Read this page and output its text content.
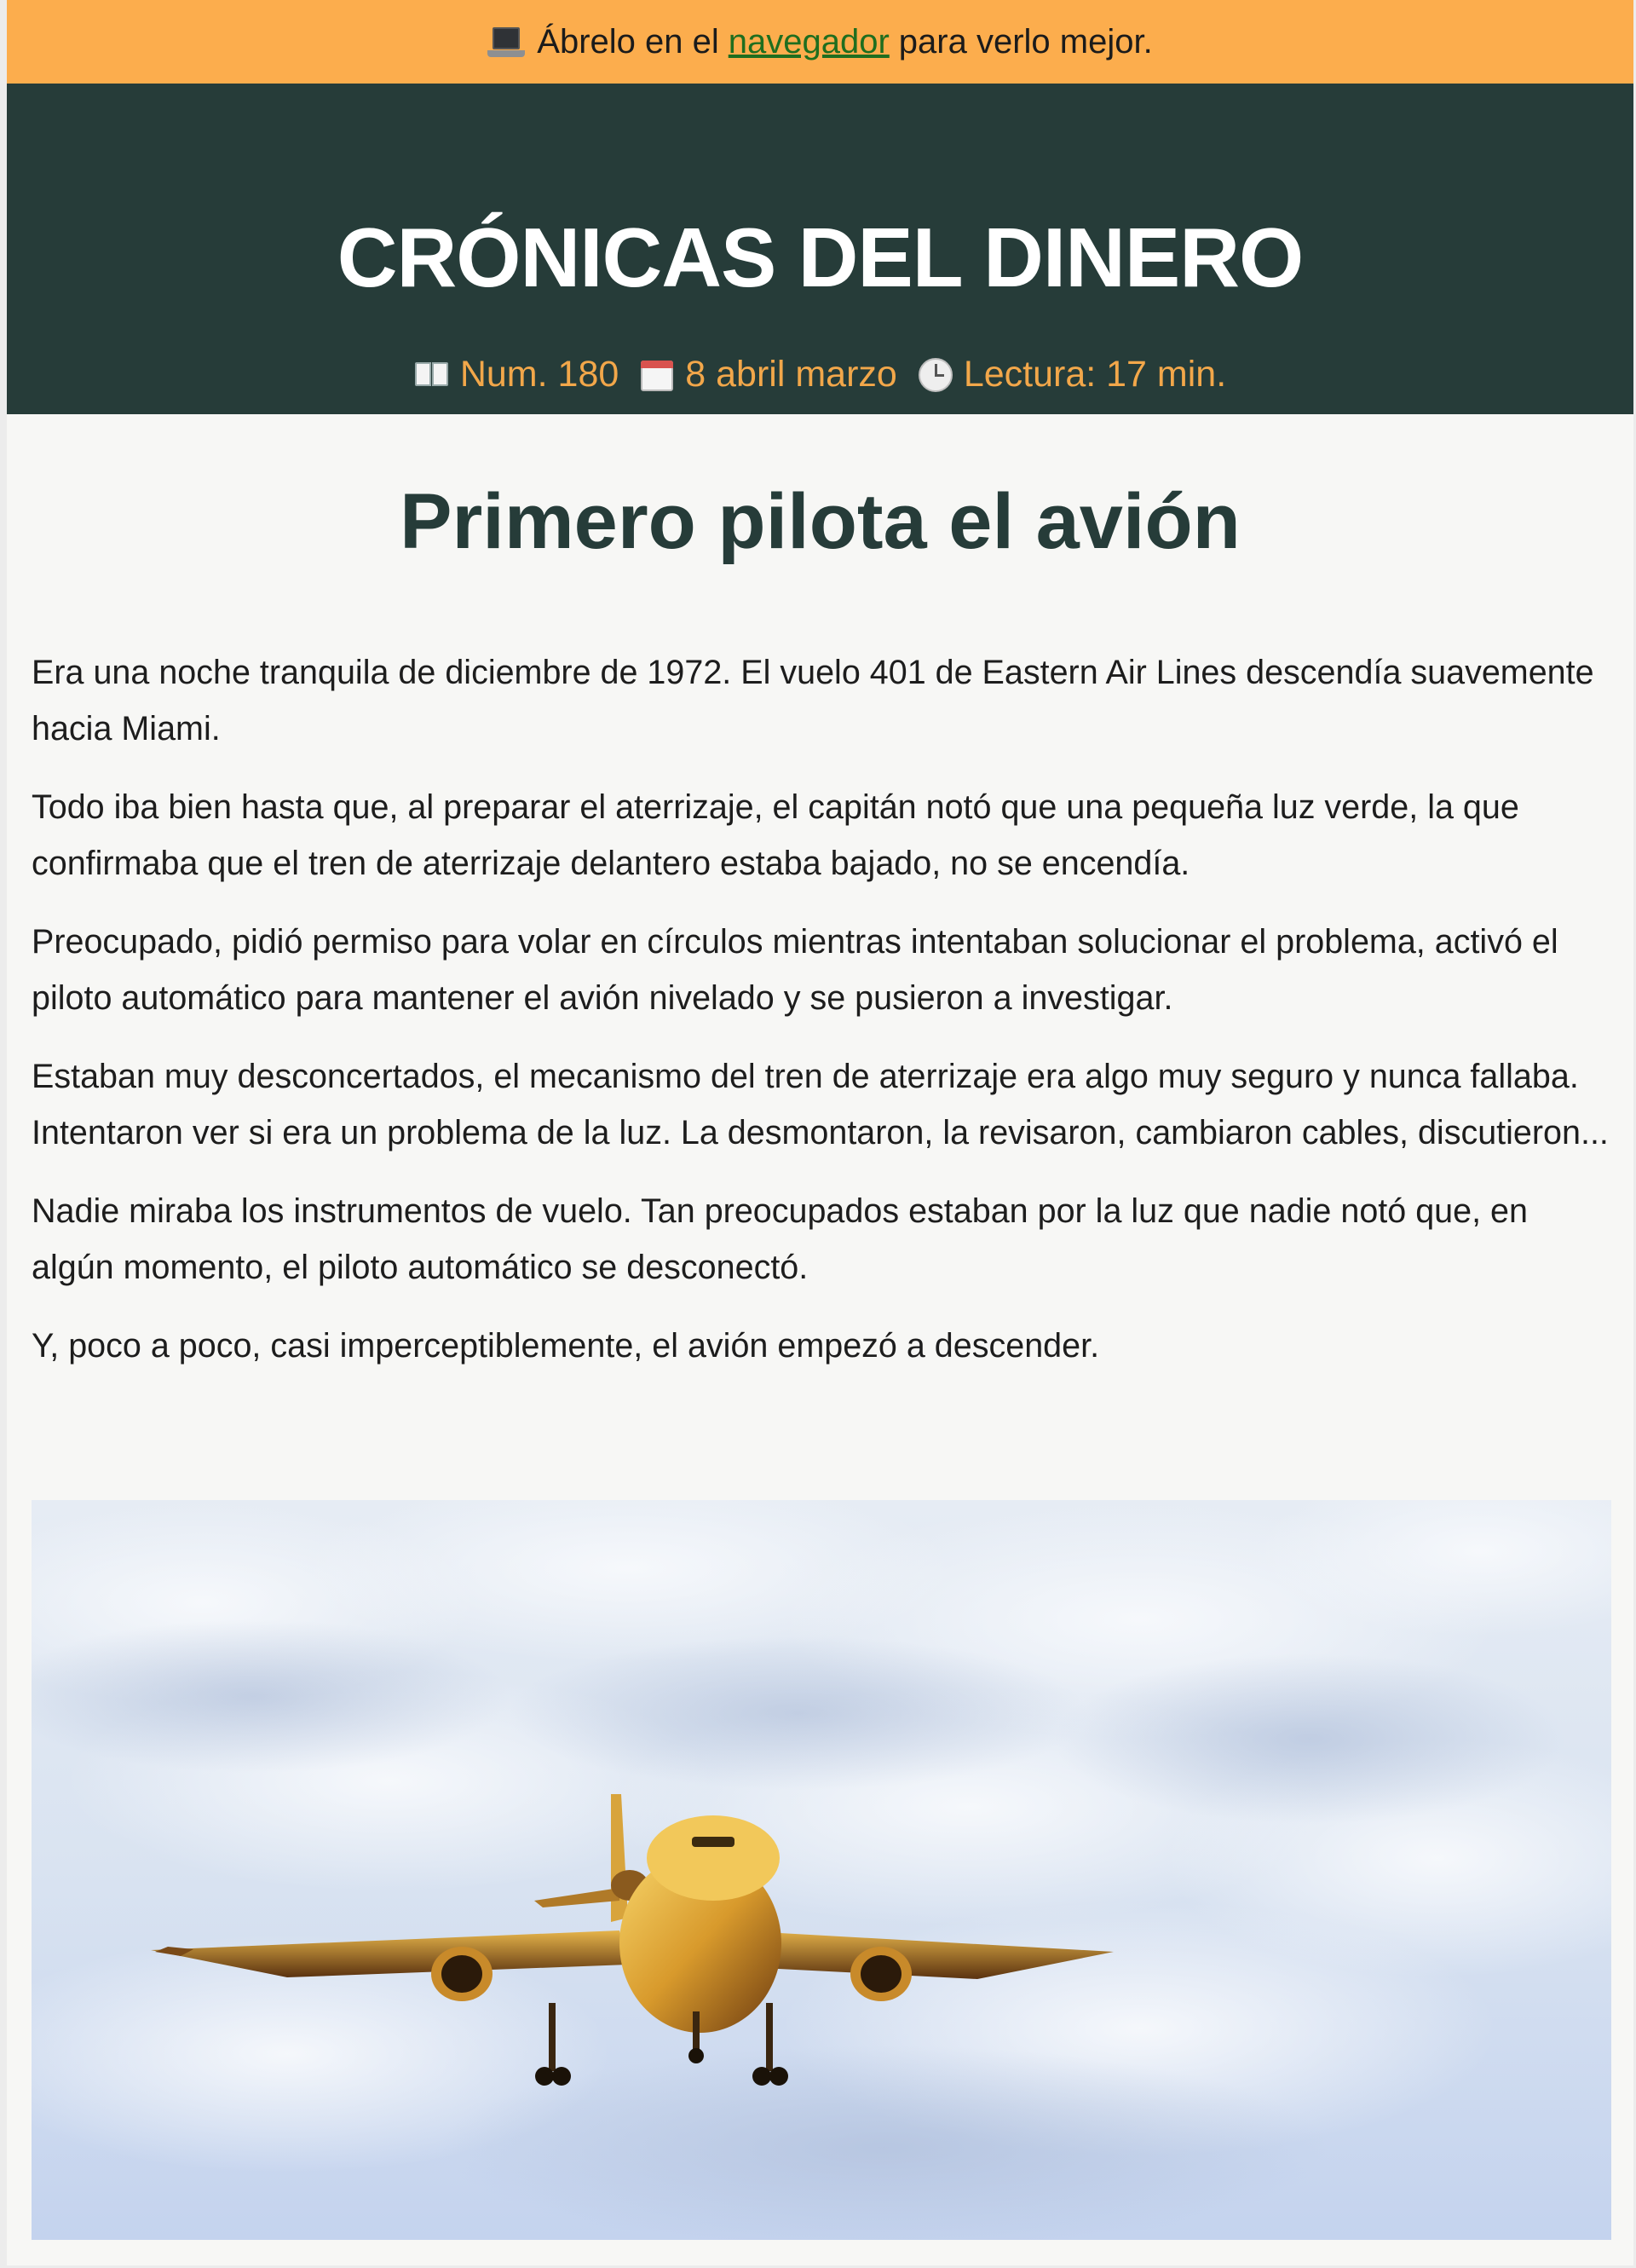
Ábrelo en el navegador para verlo mejor.
CRÓNICAS DEL DINERO
Num. 180 8 abril marzo Lectura: 17 min.
Primero pilota el avión

Era una noche tranquila de diciembre de 1972. El vuelo 401 de Eastern Air Lines descendía suavemente hacia Miami.

Todo iba bien hasta que, al preparar el aterrizaje, el capitán notó que una pequeña luz verde, la que confirmaba que el tren de aterrizaje delantero estaba bajado, no se encendía.

Preocupado, pidió permiso para volar en círculos mientras intentaban solucionar el problema, activó el piloto automático para mantener el avión nivelado y se pusieron a investigar.

Estaban muy desconcertados, el mecanismo del tren de aterrizaje era algo muy seguro y nunca fallaba. Intentaron ver si era un problema de la luz. La desmontaron, la revisaron, cambiaron cables, discutieron...

Nadie miraba los instrumentos de vuelo. Tan preocupados estaban por la luz que nadie notó que, en algún momento, el piloto automático se desconectó.

Y, poco a poco, casi imperceptiblemente, el avión empezó a descender.
